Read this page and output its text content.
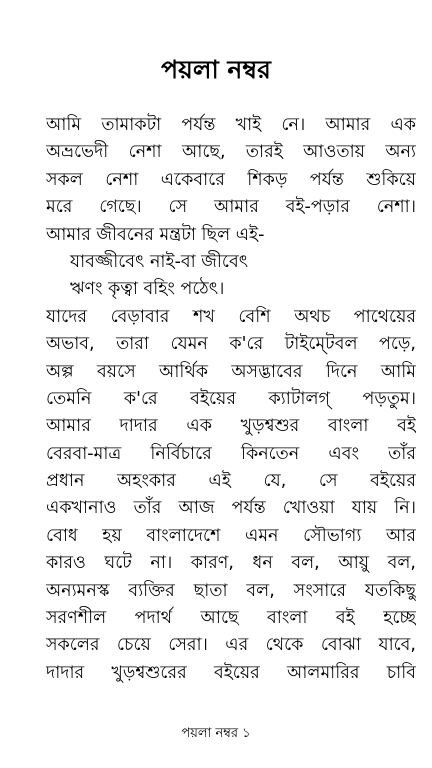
পয়লা নম্বর
আমি তামাকটা পর্যন্ত খাই নে। আমার এক
অভ্রভেদী নেশা আছে, তারই আওতায় অন্য
সকল নেশা একেবারে শিকড় পর্যন্ত শুকিয়ে
মরে গেছে। সে আমার বই-পড়ার নেশা।
আমার জীবনের মন্ত্রটা ছিল এই-
যাবজ্জীবেৎ নাই-বা জীবেৎ
ঋণং কৃত্বা বহিং পঠেৎ।
যাদের বেড়াবার শখ বেশি অথচ পাথেয়ের
অভাব, তারা যেমন ক'রে টাইম্টেবল পড়ে,
অল্প বয়সে আর্থিক অসদ্ভাবের দিনে আমি
তেমনি ক'রে বইয়ের ক্যাটালগ্ পড়তুম।
আমার দাদার এক খুড়শ্বশুর বাংলা বই
বেরবা-মাত্র নির্বিচারে কিনতেন এবং তাঁর
প্রধান অহংকার এই যে, সে বইয়ের
একখানাও তাঁর আজ পর্যন্ত খোওয়া যায় নি।
বোধ হয় বাংলাদেশে এমন সৌভাগ্য আর
কারও ঘটে না। কারণ, ধন বল, আয়ু বল,
অন্যমনস্ক ব্যক্তির ছাতা বল, সংসারে যতকিছু
সরণশীল পদার্থ আছে বাংলা বই হচ্ছে
সকলের চেয়ে সেরা। এর থেকে বোঝা যাবে,
দাদার খুড়শ্বশুরের বইয়ের আলমারির চাবি
পয়লা নম্বর ১
